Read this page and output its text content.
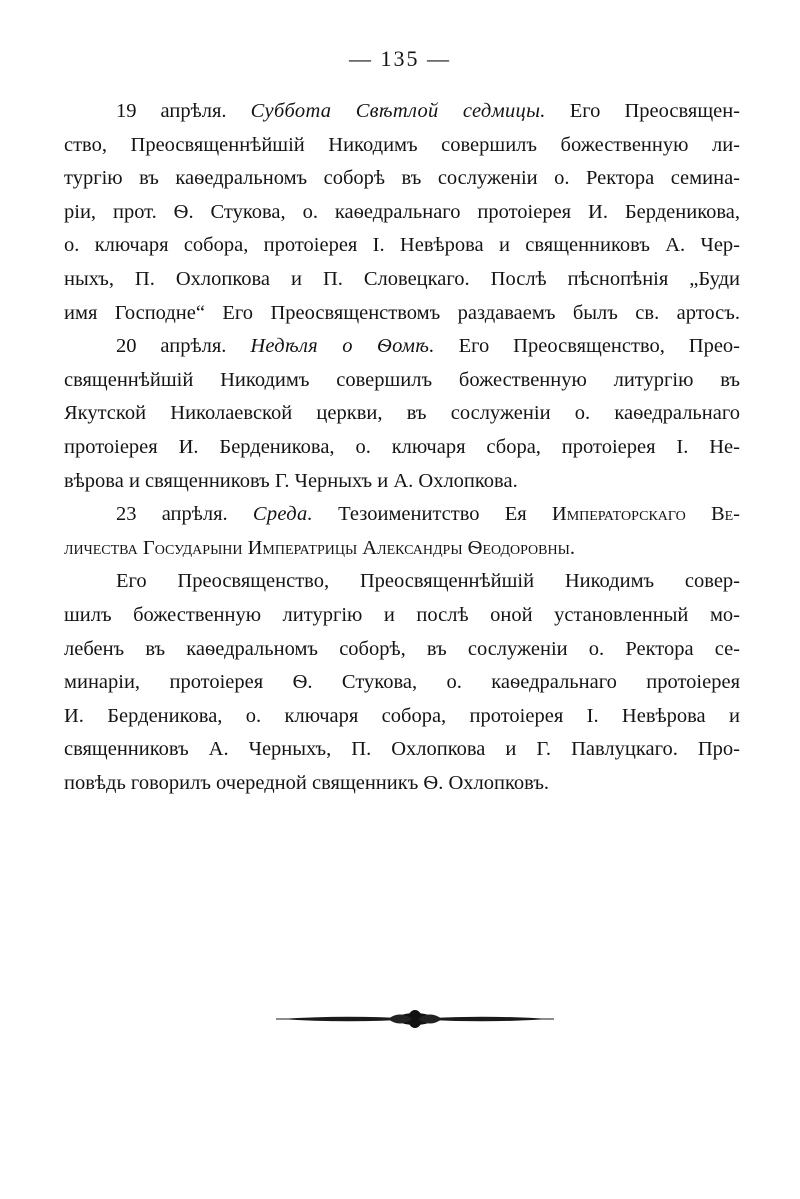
— 135 —
19 апрѣля. Суббота Свѣтлой седмицы. Его Преосвящен-
ство, Преосвященнѣйшій Никодимъ совершилъ божественную ли-
тургію въ каѳедральномъ соборѣ въ сослуженіи о. Ректора семина-
ріи, прот. Ѳ. Стукова, о. каѳедральнаго протоіерея И. Берденикова,
о. ключаря собора, протоіерея I. Невѣрова и священниковъ А. Чер-
ныхъ, П. Охлопкова и П. Словецкаго. Послѣ пѣснопѣнія „Буди
имя Господне“ Его Преосвященствомъ раздаваемъ былъ св. артосъ.
20 апрѣля. Недѣля о Ѳомѣ. Его Преосвященство, Прео-
священнѣйшій Никодимъ совершилъ божественную литургію въ
Якутской Николаевской церкви, въ сослуженіи о. каѳедральнаго
протоіерея И. Берденикова, о. ключаря сбора, протоіерея I. Не-
вѣрова и священниковъ Г. Черныхъ и А. Охлопкова.
23 апрѣля. Среда. Тезоименитство Ея Императорскаго Ве-
личества Государыни Императрицы Александры Ѳеодоровны.
Его Преосвященство, Преосвященнѣйшій Никодимъ совер-
шилъ божественную литургію и послѣ оной установленный мо-
лебенъ въ каѳедральномъ соборѣ, въ сослуженіи о. Ректора се-
минаріи, протоіерея Ѳ. Стукова, о. каѳедральнаго протоіерея
И. Берденикова, о. ключаря собора, протоіерея I. Невѣрова и
священниковъ А. Черныхъ, П. Охлопкова и Г. Павлуцкаго. Про-
повѣдь говорилъ очередной священникъ Ѳ. Охлопковъ.
